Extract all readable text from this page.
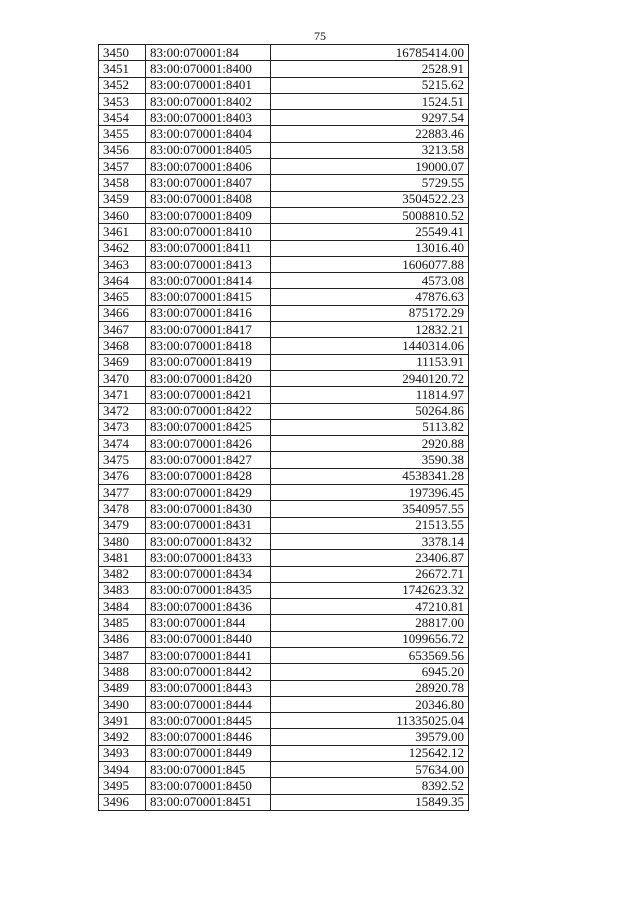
75
3450	83:00:070001:84	16785414.00
3451	83:00:070001:8400	2528.91
3452	83:00:070001:8401	5215.62
3453	83:00:070001:8402	1524.51
3454	83:00:070001:8403	9297.54
3455	83:00:070001:8404	22883.46
3456	83:00:070001:8405	3213.58
3457	83:00:070001:8406	19000.07
3458	83:00:070001:8407	5729.55
3459	83:00:070001:8408	3504522.23
3460	83:00:070001:8409	5008810.52
3461	83:00:070001:8410	25549.41
3462	83:00:070001:8411	13016.40
3463	83:00:070001:8413	1606077.88
3464	83:00:070001:8414	4573.08
3465	83:00:070001:8415	47876.63
3466	83:00:070001:8416	875172.29
3467	83:00:070001:8417	12832.21
3468	83:00:070001:8418	1440314.06
3469	83:00:070001:8419	11153.91
3470	83:00:070001:8420	2940120.72
3471	83:00:070001:8421	11814.97
3472	83:00:070001:8422	50264.86
3473	83:00:070001:8425	5113.82
3474	83:00:070001:8426	2920.88
3475	83:00:070001:8427	3590.38
3476	83:00:070001:8428	4538341.28
3477	83:00:070001:8429	197396.45
3478	83:00:070001:8430	3540957.55
3479	83:00:070001:8431	21513.55
3480	83:00:070001:8432	3378.14
3481	83:00:070001:8433	23406.87
3482	83:00:070001:8434	26672.71
3483	83:00:070001:8435	1742623.32
3484	83:00:070001:8436	47210.81
3485	83:00:070001:844	28817.00
3486	83:00:070001:8440	1099656.72
3487	83:00:070001:8441	653569.56
3488	83:00:070001:8442	6945.20
3489	83:00:070001:8443	28920.78
3490	83:00:070001:8444	20346.80
3491	83:00:070001:8445	11335025.04
3492	83:00:070001:8446	39579.00
3493	83:00:070001:8449	125642.12
3494	83:00:070001:845	57634.00
3495	83:00:070001:8450	8392.52
3496	83:00:070001:8451	15849.35
